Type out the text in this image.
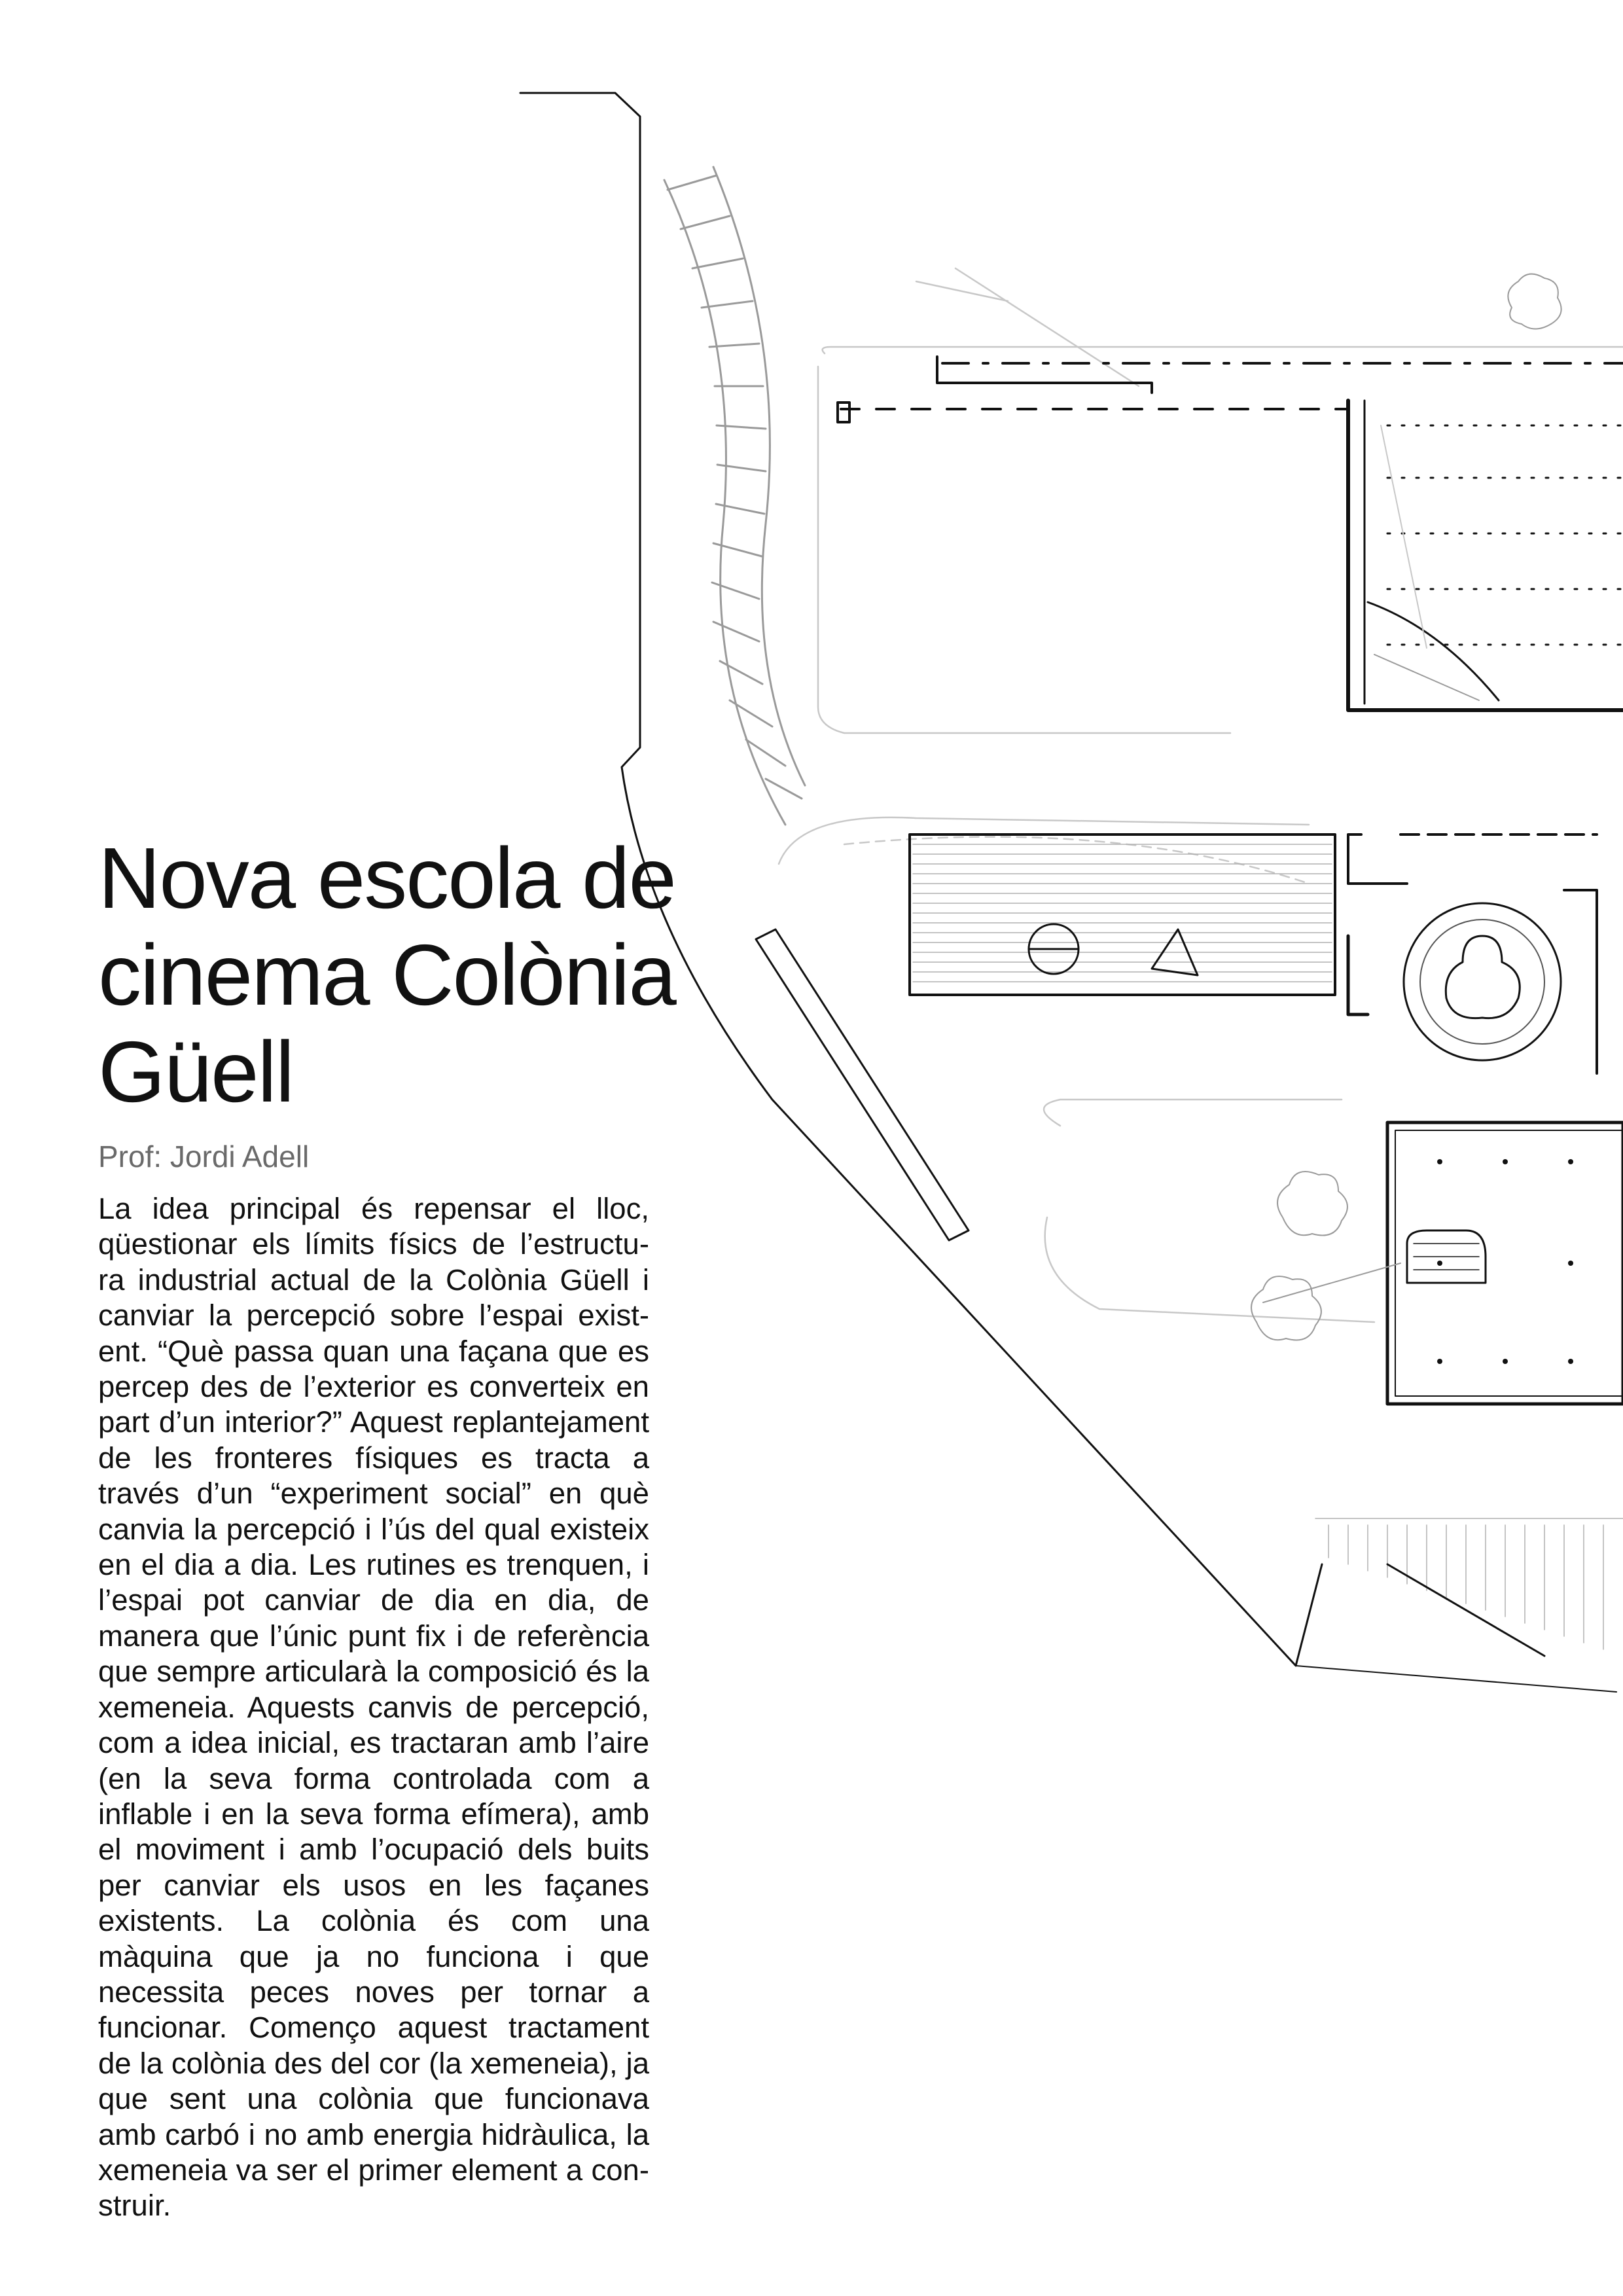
Nova escola de
cinema Colònia
Güell

Prof: Jordi Adell

La idea principal és repensar el lloc, qüestionar els límits físics de l’estructu- ra industrial actual de la Colònia Güell i canviar la percepció sobre l’espai exist- ent. “Què passa quan una façana que es percep des de l’exterior es converteix en part d’un interior?” Aquest replantejament de les fronteres físiques es tracta a través d’un “experiment social” en què canvia la percepció i l’ús del qual existeix en el dia a dia. Les rutines es trenquen, i l’espai pot canviar de dia en dia, de manera que l’únic punt fix i de referència que sempre articularà la composició és la xemeneia. Aquests canvis de percepció, com a idea inicial, es tractaran amb l’aire (en la seva forma controlada com a inflable i en la seva forma efímera), amb el moviment i amb l’ocupació dels buits per canviar els usos en les façanes existents. La colònia és com una màquina que ja no funciona i que necessita peces noves per tornar a funcionar. Començo aquest tractament de la colònia des del cor (la xemeneia), ja que sent una colònia que funcionava amb carbó i no amb energia hidràulica, la xemeneia va ser el primer element a con- struir.
